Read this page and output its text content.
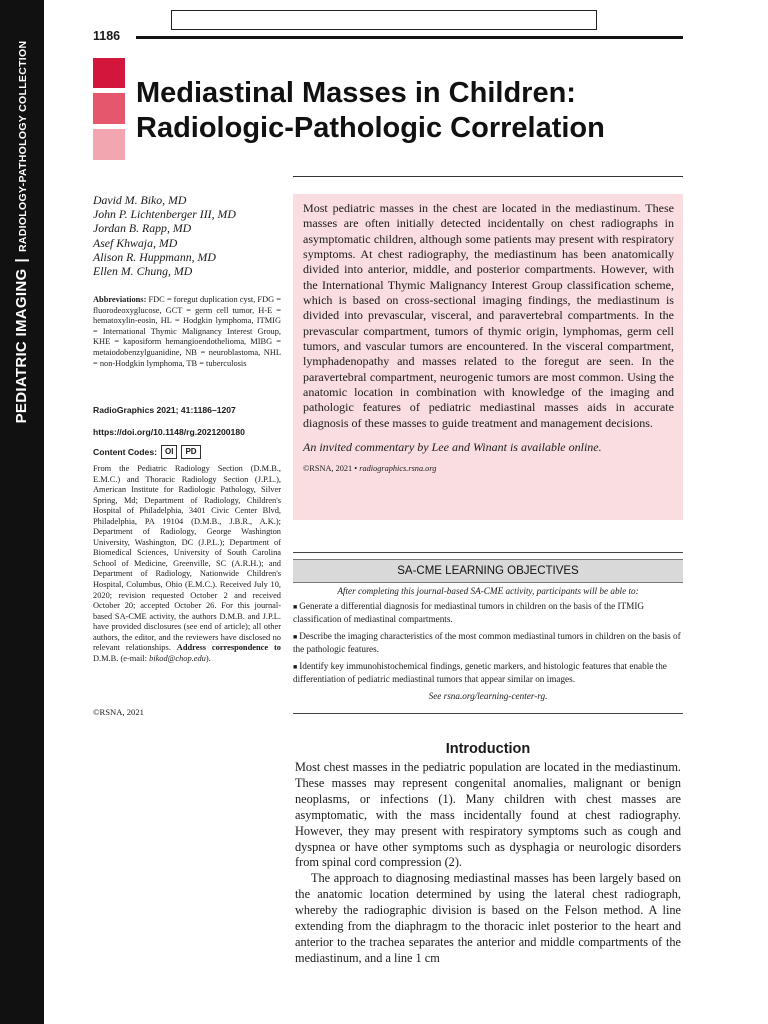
PEDIATRIC IMAGING|RADIOLOGY-PATHOLOGY COLLECTION
1186
Mediastinal Masses in Children:
Radiologic-Pathologic Correlation
David M. Biko, MD
John P. Lichtenberger III, MD
Jordan B. Rapp, MD
Asef Khwaja, MD
Alison R. Huppmann, MD
Ellen M. Chung, MD

Abbreviations: FDC = foregut duplication cyst, FDG = fluorodeoxyglucose, GCT = germ cell tumor, H-E = hematoxylin-eosin, HL = Hodgkin lymphoma, ITMIG = International Thymic Malignancy Interest Group, KHE = kaposiform hemangioendothelioma, MIBG = metaiodobenzylguanidine, NB = neuroblastoma, NHL = non-Hodgkin lymphoma, TB = tuberculosis

RadioGraphics 2021; 41:1186–1207

https://doi.org/10.1148/rg.2021200180

Content Codes:	OI	PD

From the Pediatric Radiology Section (D.M.B., E.M.C.) and Thoracic Radiology Section (J.P.L.), American Institute for Radiologic Pathology, Silver Spring, Md; Department of Radiology, Children's Hospital of Philadelphia, 3401 Civic Center Blvd, Philadelphia, PA 19104 (D.M.B., J.B.R., A.K.); Department of Radiology, George Washington University, Washington, DC (J.P.L.); Department of Biomedical Sciences, University of South Carolina School of Medicine, Greenville, SC (A.R.H.); and Department of Radiology, Nationwide Children's Hospital, Columbus, Ohio (E.M.C.). Received July 10, 2020; revision requested October 2 and received October 20; accepted October 26. For this journal-based SA-CME activity, the authors D.M.B. and J.P.L. have provided disclosures (see end of article); all other authors, the editor, and the reviewers have disclosed no relevant relationships. Address correspondence to D.M.B. (e-mail: bikod@chop.edu).

©RSNA, 2021

Most pediatric masses in the chest are located in the mediastinum. These masses are often initially detected incidentally on chest radiographs in asymptomatic children, although some patients may present with respiratory symptoms. At chest radiography, the mediastinum has been anatomically divided into anterior, middle, and posterior compartments. However, with the International Thymic Malignancy Interest Group classification scheme, which is based on cross-sectional imaging findings, the mediastinum is divided into prevascular, visceral, and paravertebral compartments. In the prevascular compartment, tumors of thymic origin, lymphomas, germ cell tumors, and vascular tumors are encountered. In the visceral compartment, lymphadenopathy and masses related to the foregut are seen. In the paravertebral compartment, neurogenic tumors are most common. Using the anatomic location in combination with knowledge of the imaging and pathologic features of pediatric mediastinal masses aids in accurate diagnosis of these masses to guide treatment and management decisions.

An invited commentary by Lee and Winant is available online.

©RSNA, 2021 • radiographics.rsna.org

SA-CME LEARNING OBJECTIVES

After completing this journal-based SA-CME activity, participants will be able to:

■ Generate a differential diagnosis for mediastinal tumors in children on the basis of the ITMIG classification of mediastinal compartments.
■ Describe the imaging characteristics of the most common mediastinal tumors in children on the basis of the pathologic features.
■ Identify key immunohistochemical findings, genetic markers, and histologic features that enable the differentiation of pediatric mediastinal tumors that appear similar on images.

See rsna.org/learning-center-rg.

Introduction

Most chest masses in the pediatric population are located in the mediastinum. These masses may represent congenital anomalies, malignant or benign neoplasms, or infections (1). Many children with chest masses are asymptomatic, with the mass incidentally found at chest radiography. However, they may present with respiratory symptoms such as cough and dyspnea or have other symptoms such as dysphagia or neurologic disorders from spinal cord compression (2).

The approach to diagnosing mediastinal masses has been largely based on the anatomic location determined by using the lateral chest radiograph, whereby the radiographic division is based on the Felson method. A line extending from the diaphragm to the thoracic inlet posterior to the heart and anterior to the trachea separates the anterior and middle compartments of the mediastinum, and a line 1 cm
